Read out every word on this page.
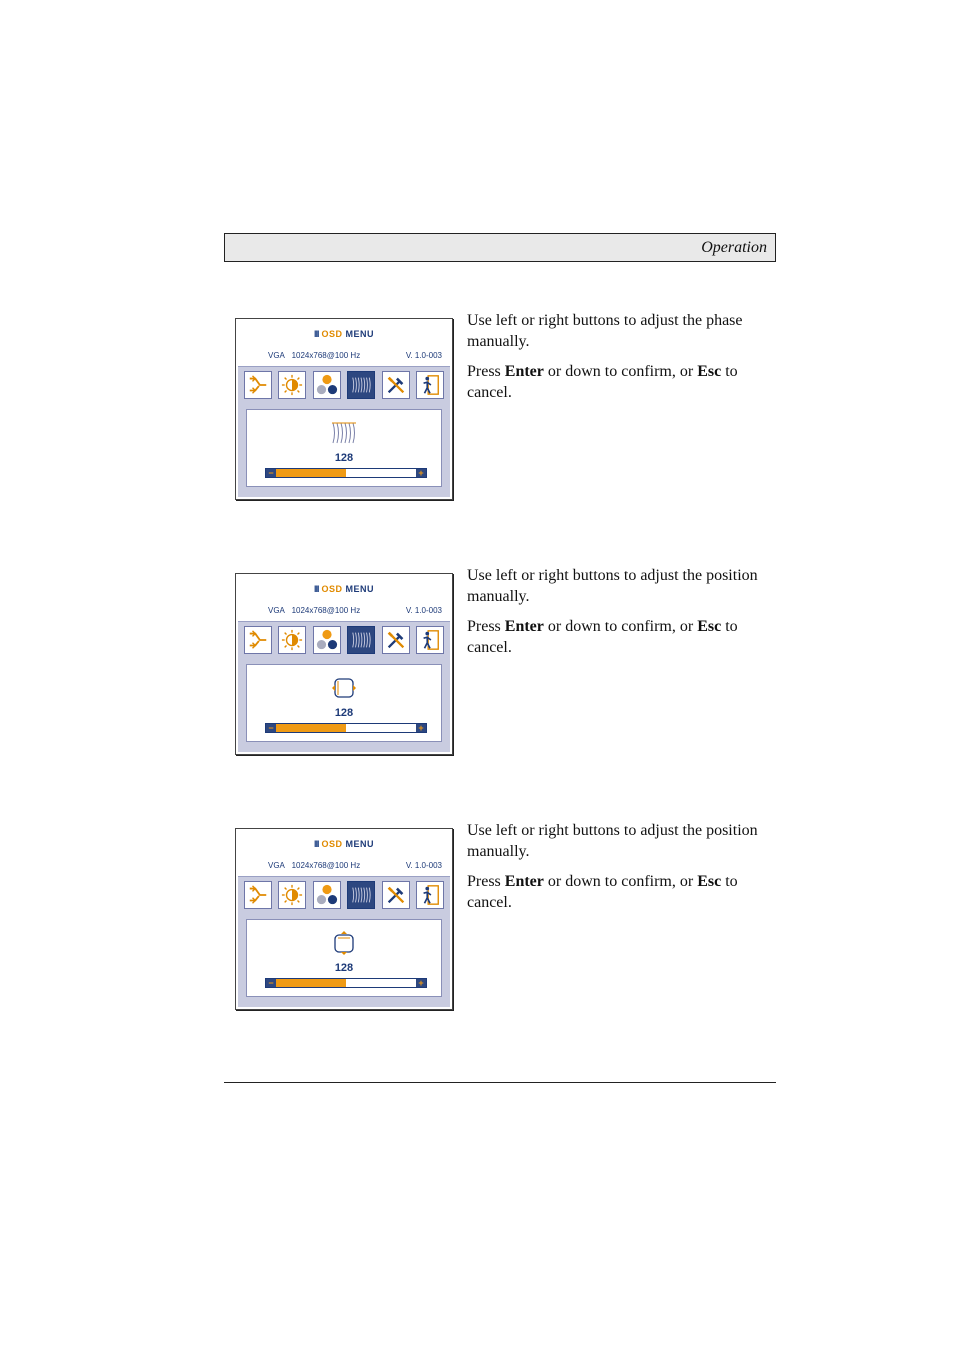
Operation
III OSD MENU
VGA 1024x768@100 Hz	V. 1.0-003
128
−	+

Use left or right buttons to adjust the phase manually.

Press Enter or down to confirm, or Esc to cancel.

III OSD MENU
VGA 1024x768@100 Hz	V. 1.0-003
128
−	+

Use left or right buttons to adjust the position manually.

Press Enter or down to confirm, or Esc to cancel.

III OSD MENU
VGA 1024x768@100 Hz	V. 1.0-003
128
−	+

Use left or right buttons to adjust the position manually.

Press Enter or down to confirm, or Esc to cancel.
